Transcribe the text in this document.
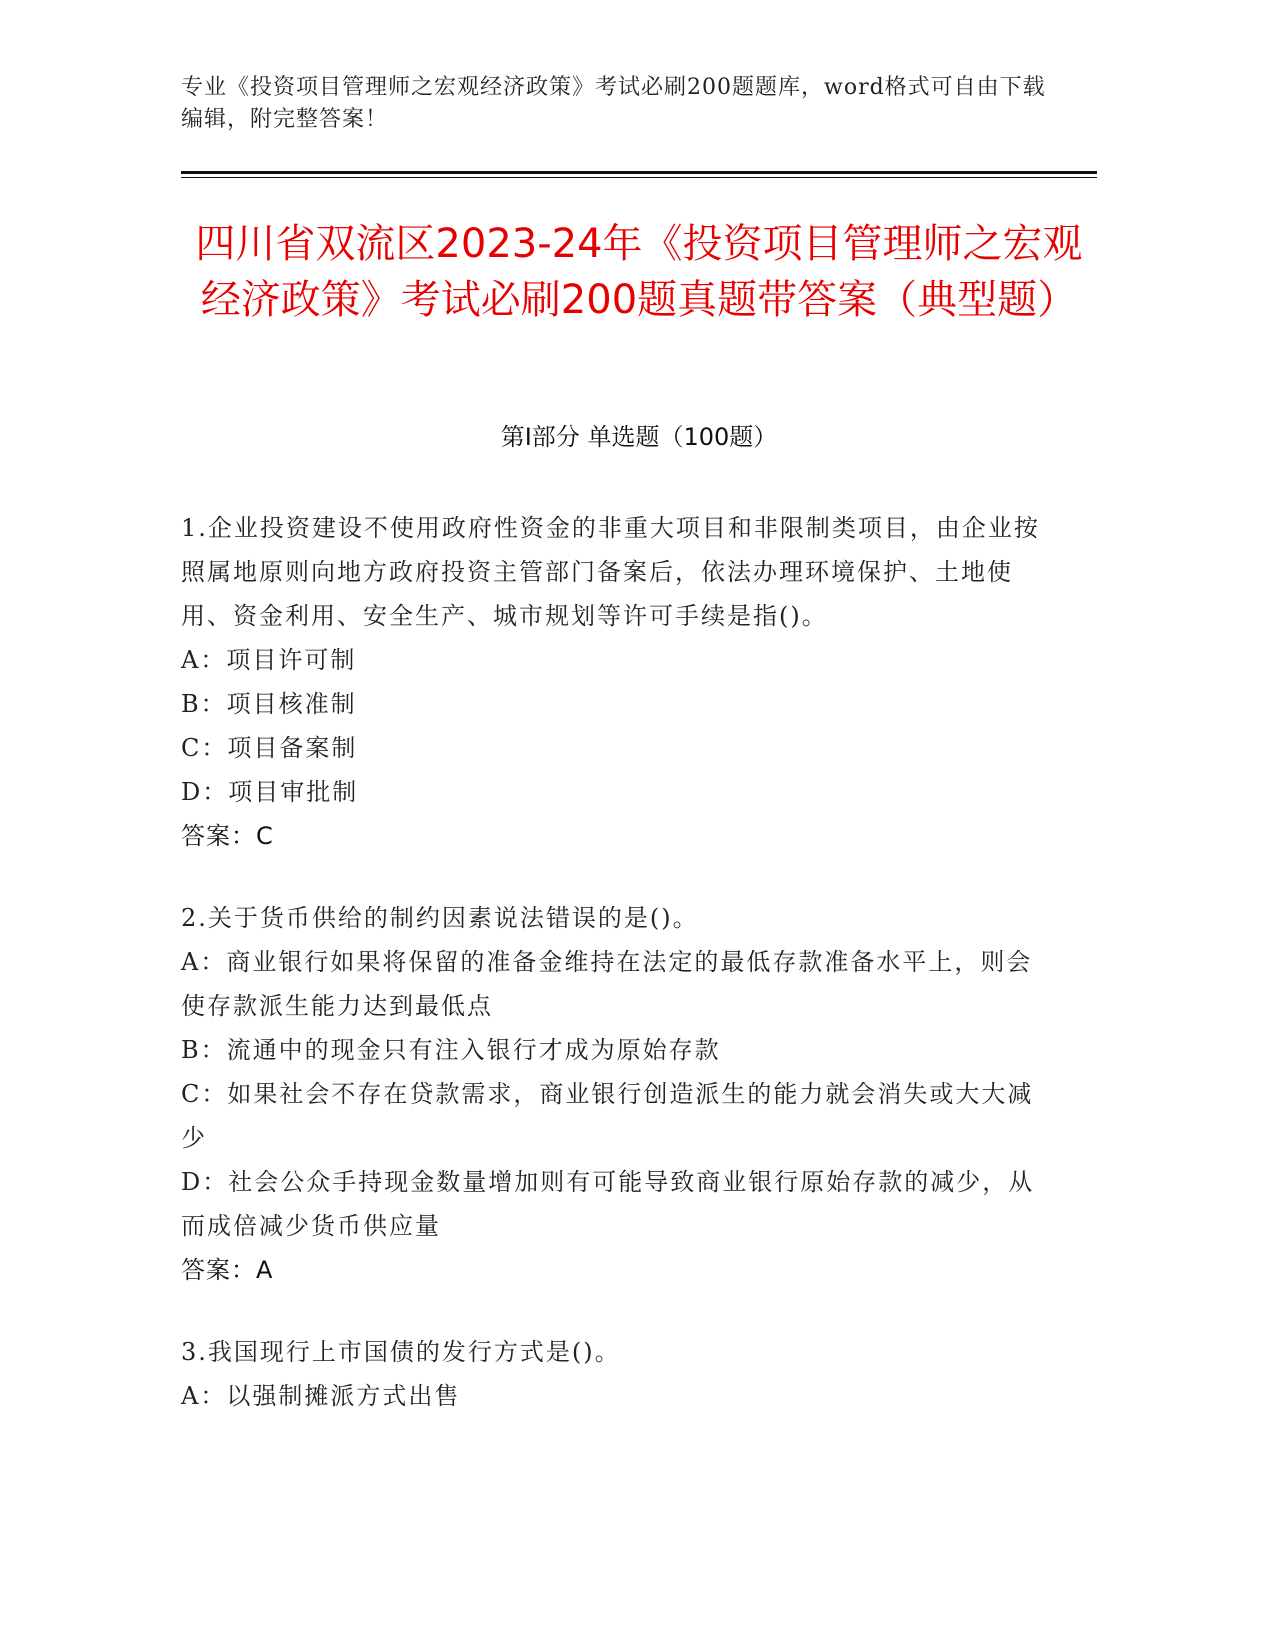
专业《投资项目管理师之宏观经济政策》考试必刷200题题库，word格式可自由下载编辑，附完整答案！
四川省双流区2023-24年《投资项目管理师之宏观经济政策》考试必刷200题真题带答案（典型题）
第I部分 单选题（100题）
1.企业投资建设不使用政府性资金的非重大项目和非限制类项目，由企业按照属地原则向地方政府投资主管部门备案后，依法办理环境保护、土地使用、资金利用、安全生产、城市规划等许可手续是指()。
A：项目许可制
B：项目核准制
C：项目备案制
D：项目审批制
答案：C
2.关于货币供给的制约因素说法错误的是()。
A：商业银行如果将保留的准备金维持在法定的最低存款准备水平上，则会使存款派生能力达到最低点
B：流通中的现金只有注入银行才成为原始存款
C：如果社会不存在贷款需求，商业银行创造派生的能力就会消失或大大减少
D：社会公众手持现金数量增加则有可能导致商业银行原始存款的减少，从而成倍减少货币供应量
答案：A
3.我国现行上市国债的发行方式是()。
A：以强制摊派方式出售
